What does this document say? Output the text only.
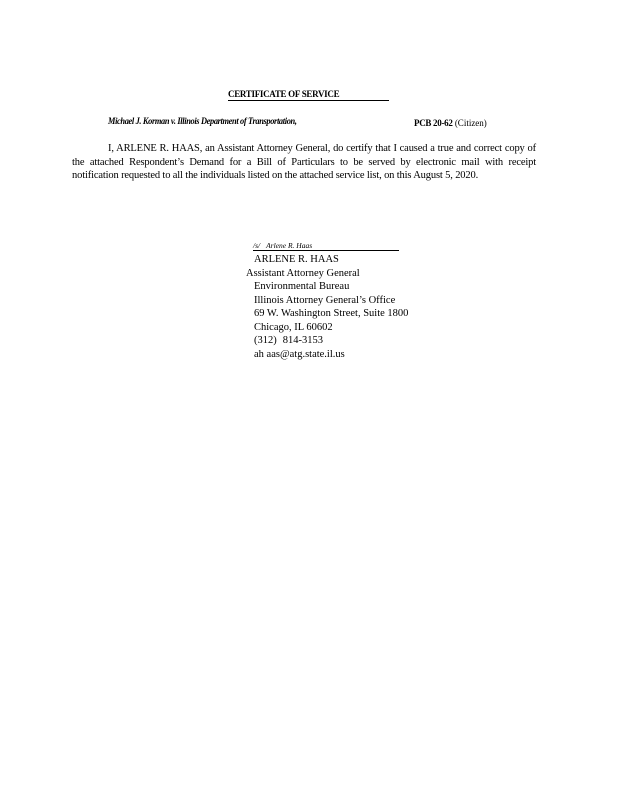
CERTIFICATE OF SERVICE
Michael J. Korman v. Illinois Department of Transportation,	PCB 20-62 (Citizen)

I, ARLENE R. HAAS, an Assistant Attorney General, do certify that I caused a true and correct copy of the attached Respondent’s Demand for a Bill of Particulars to be served by electronic mail with receipt notification requested to all the individuals listed on the attached service list, on this August 5, 2020.

/s/ Arlene R. Haas
ARLENE R. HAAS
Assistant Attorney General
Environmental Bureau
Illinois Attorney General’s Office
69 W. Washington Street, Suite 1800
Chicago, IL 60602
(312) 814-3153
ah aas@atg.state.il.us
